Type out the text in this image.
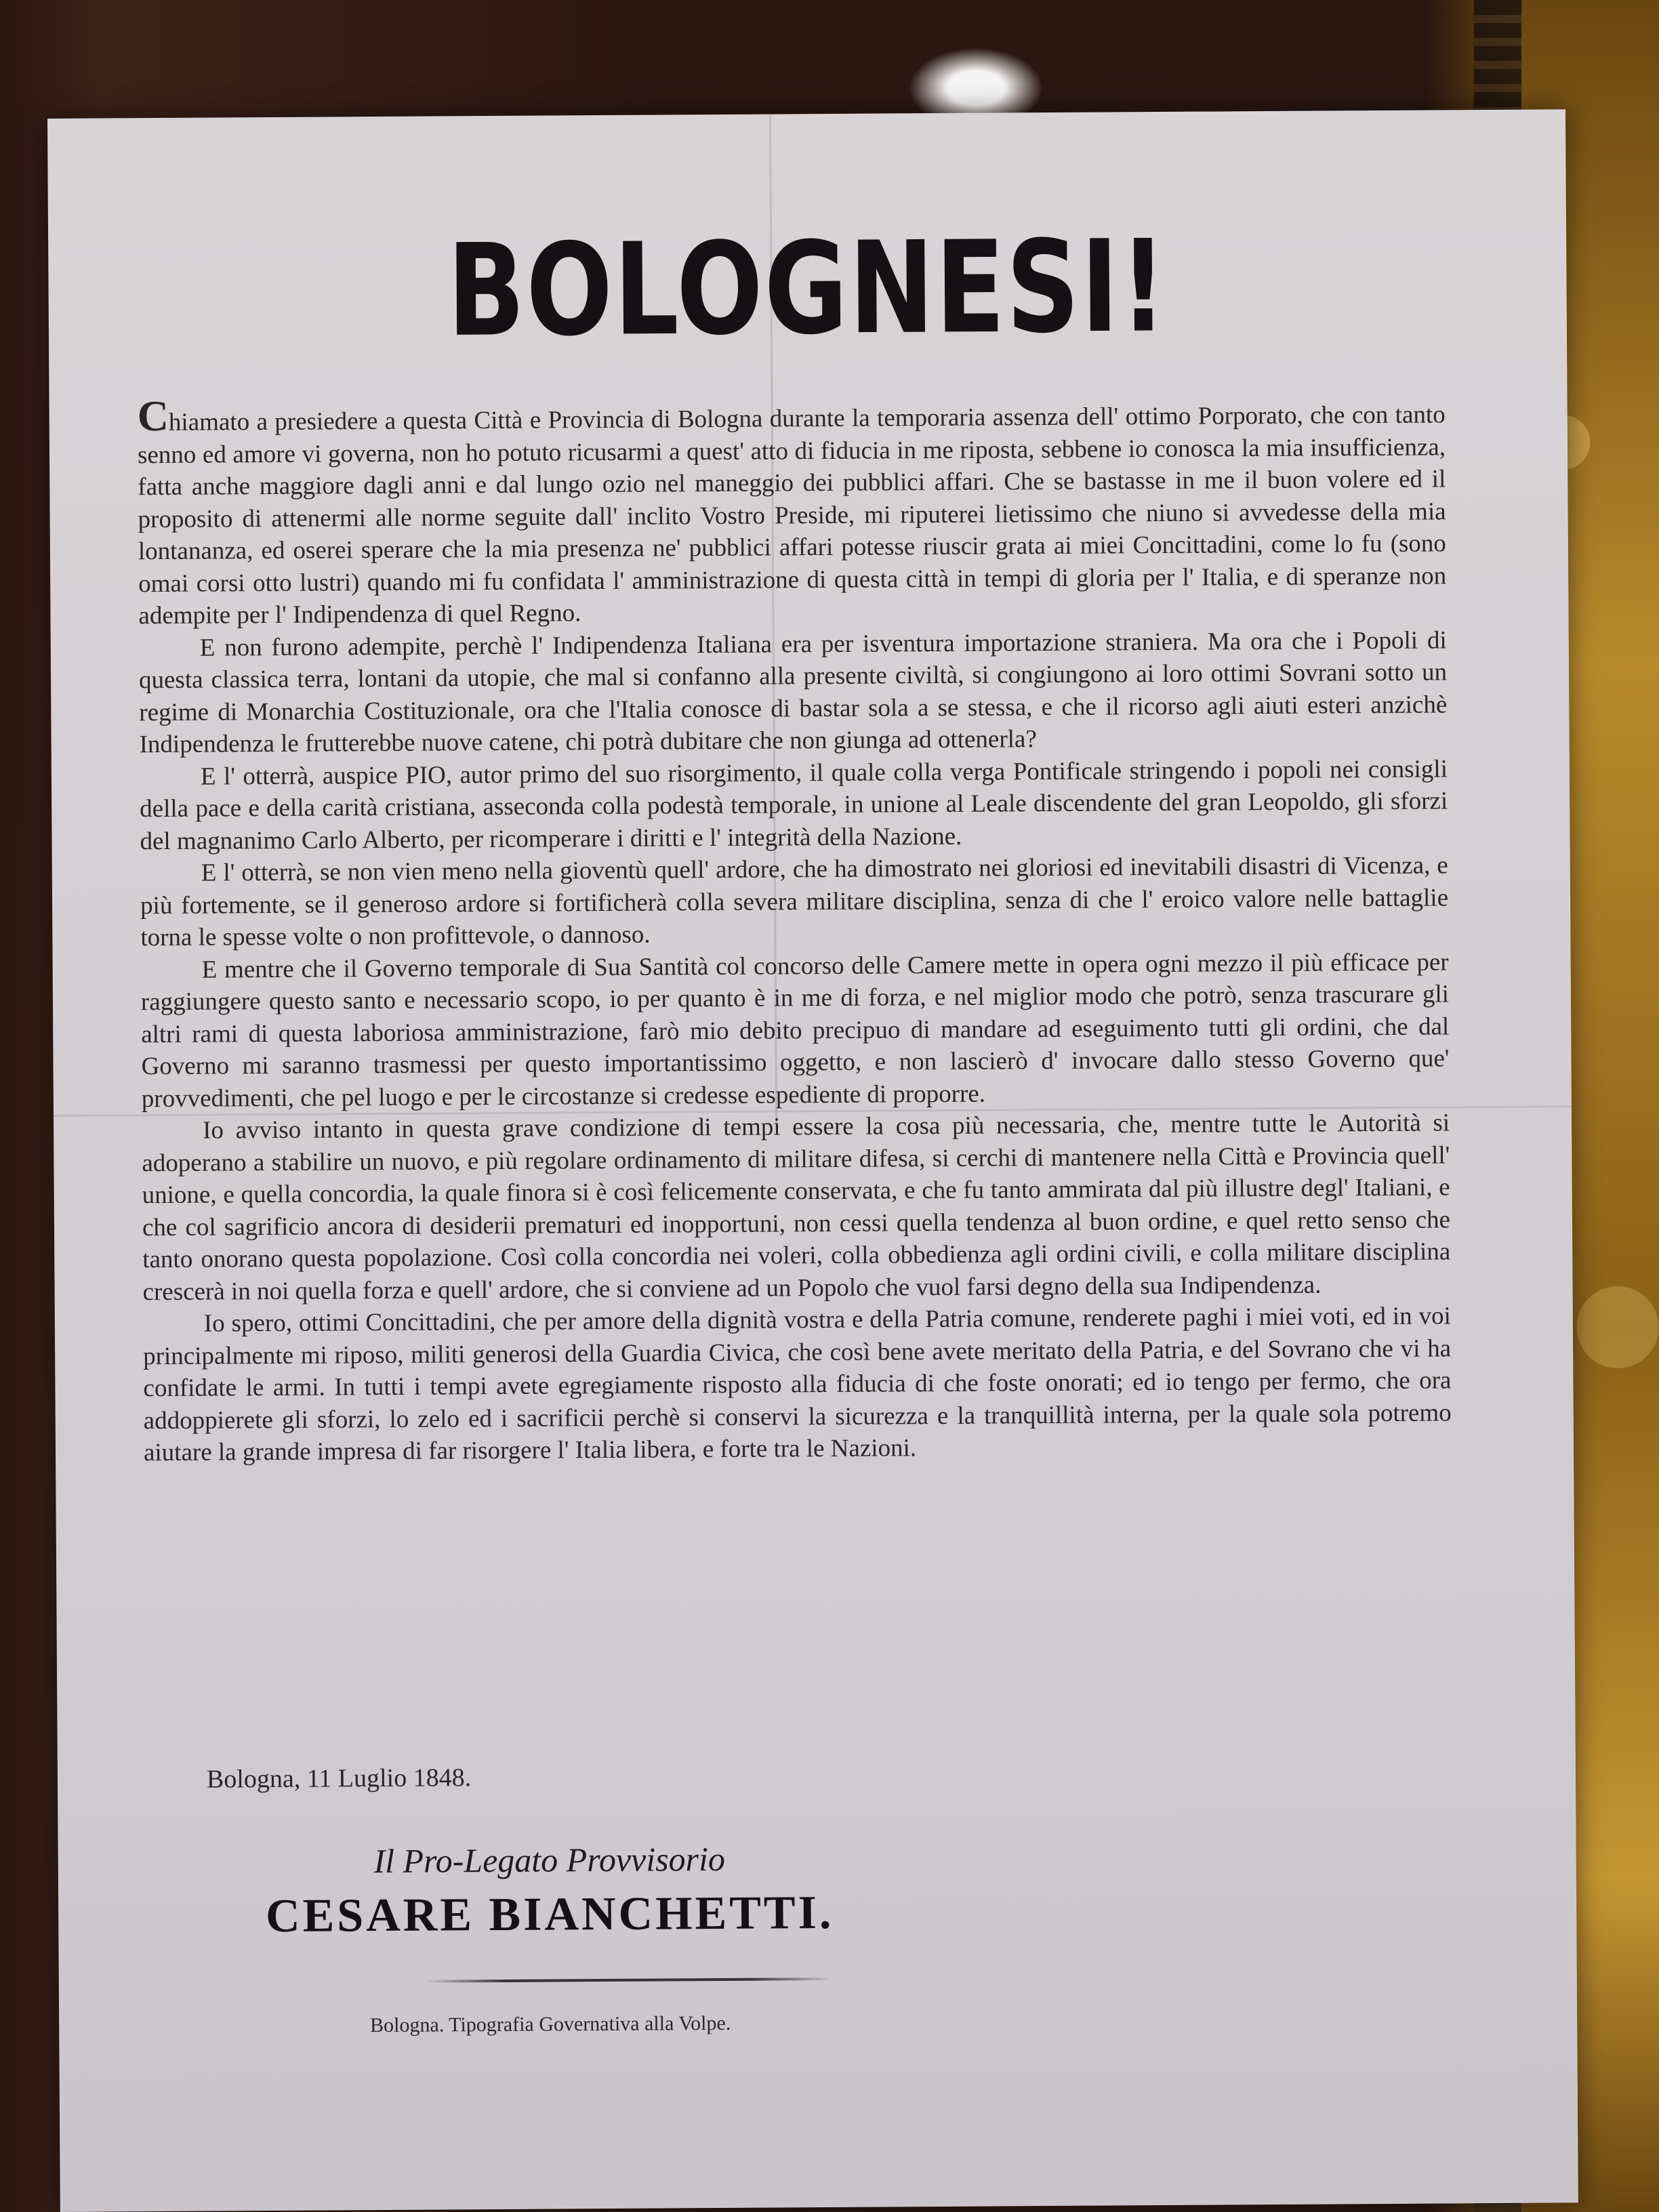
BOLOGNESI!

Chiamato a presiedere a questa Città e Provincia di Bologna durante la temporaria assenza dell' ottimo Porporato, che con tanto senno ed amore vi governa, non ho potuto ricusarmi a quest' atto di fiducia in me riposta, sebbene io conosca la mia insufficienza, fatta anche maggiore dagli anni e dal lungo ozio nel maneggio dei pubblici affari. Che se bastasse in me il buon volere ed il proposito di attenermi alle norme seguite dall' inclito Vostro Preside, mi riputerei lietissimo che niuno si avvedesse della mia lontananza, ed oserei sperare che la mia presenza ne' pubblici affari potesse riuscir grata ai miei Concittadini, come lo fu (sono omai corsi otto lustri) quando mi fu confidata l' amministrazione di questa città in tempi di gloria per l' Italia, e di speranze non adempite per l' Indipendenza di quel Regno.

E non furono adempite, perchè l' Indipendenza Italiana era per isventura importazione straniera. Ma ora che i Popoli di questa classica terra, lontani da utopie, che mal si confanno alla presente civiltà, si congiungono ai loro ottimi Sovrani sotto un regime di Monarchia Costituzionale, ora che l'Italia conosce di bastar sola a se stessa, e che il ricorso agli aiuti esteri anzichè Indipendenza le frutterebbe nuove catene, chi potrà dubitare che non giunga ad ottenerla?

E l' otterrà, auspice PIO, autor primo del suo risorgimento, il quale colla verga Pontificale stringendo i popoli nei consigli della pace e della carità cristiana, asseconda colla podestà temporale, in unione al Leale discendente del gran Leopoldo, gli sforzi del magnanimo Carlo Alberto, per ricomperare i diritti e l' integrità della Nazione.

E l' otterrà, se non vien meno nella gioventù quell' ardore, che ha dimostrato nei gloriosi ed inevitabili disastri di Vicenza, e più fortemente, se il generoso ardore si fortificherà colla severa militare disciplina, senza di che l' eroico valore nelle battaglie torna le spesse volte o non profittevole, o dannoso.

E mentre che il Governo temporale di Sua Santità col concorso delle Camere mette in opera ogni mezzo il più efficace per raggiungere questo santo e necessario scopo, io per quanto è in me di forza, e nel miglior modo che potrò, senza trascurare gli altri rami di questa laboriosa amministrazione, farò mio debito precipuo di mandare ad eseguimento tutti gli ordini, che dal Governo mi saranno trasmessi per questo importantissimo oggetto, e non lascierò d' invocare dallo stesso Governo que' provvedimenti, che pel luogo e per le circostanze si credesse espediente di proporre.

Io avviso intanto in questa grave condizione di tempi essere la cosa più necessaria, che, mentre tutte le Autorità si adoperano a stabilire un nuovo, e più regolare ordinamento di militare difesa, si cerchi di mantenere nella Città e Provincia quell' unione, e quella concordia, la quale finora si è così felicemente conservata, e che fu tanto ammirata dal più illustre degl' Italiani, e che col sagrificio ancora di desiderii prematuri ed inopportuni, non cessi quella tendenza al buon ordine, e quel retto senso che tanto onorano questa popolazione. Così colla concordia nei voleri, colla obbedienza agli ordini civili, e colla militare disciplina crescerà in noi quella forza e quell' ardore, che si conviene ad un Popolo che vuol farsi degno della sua Indipendenza.

Io spero, ottimi Concittadini, che per amore della dignità vostra e della Patria comune, renderete paghi i miei voti, ed in voi principalmente mi riposo, militi generosi della Guardia Civica, che così bene avete meritato della Patria, e del Sovrano che vi ha confidate le armi. In tutti i tempi avete egregiamente risposto alla fiducia di che foste onorati; ed io tengo per fermo, che ora addoppierete gli sforzi, lo zelo ed i sacrificii perchè si conservi la sicurezza e la tranquillità interna, per la quale sola potremo aiutare la grande impresa di far risorgere l' Italia libera, e forte tra le Nazioni.

Bologna, 11 Luglio 1848.
Il Pro-Legato Provvisorio
CESARE BIANCHETTI.
Bologna. Tipografia Governativa alla Volpe.
